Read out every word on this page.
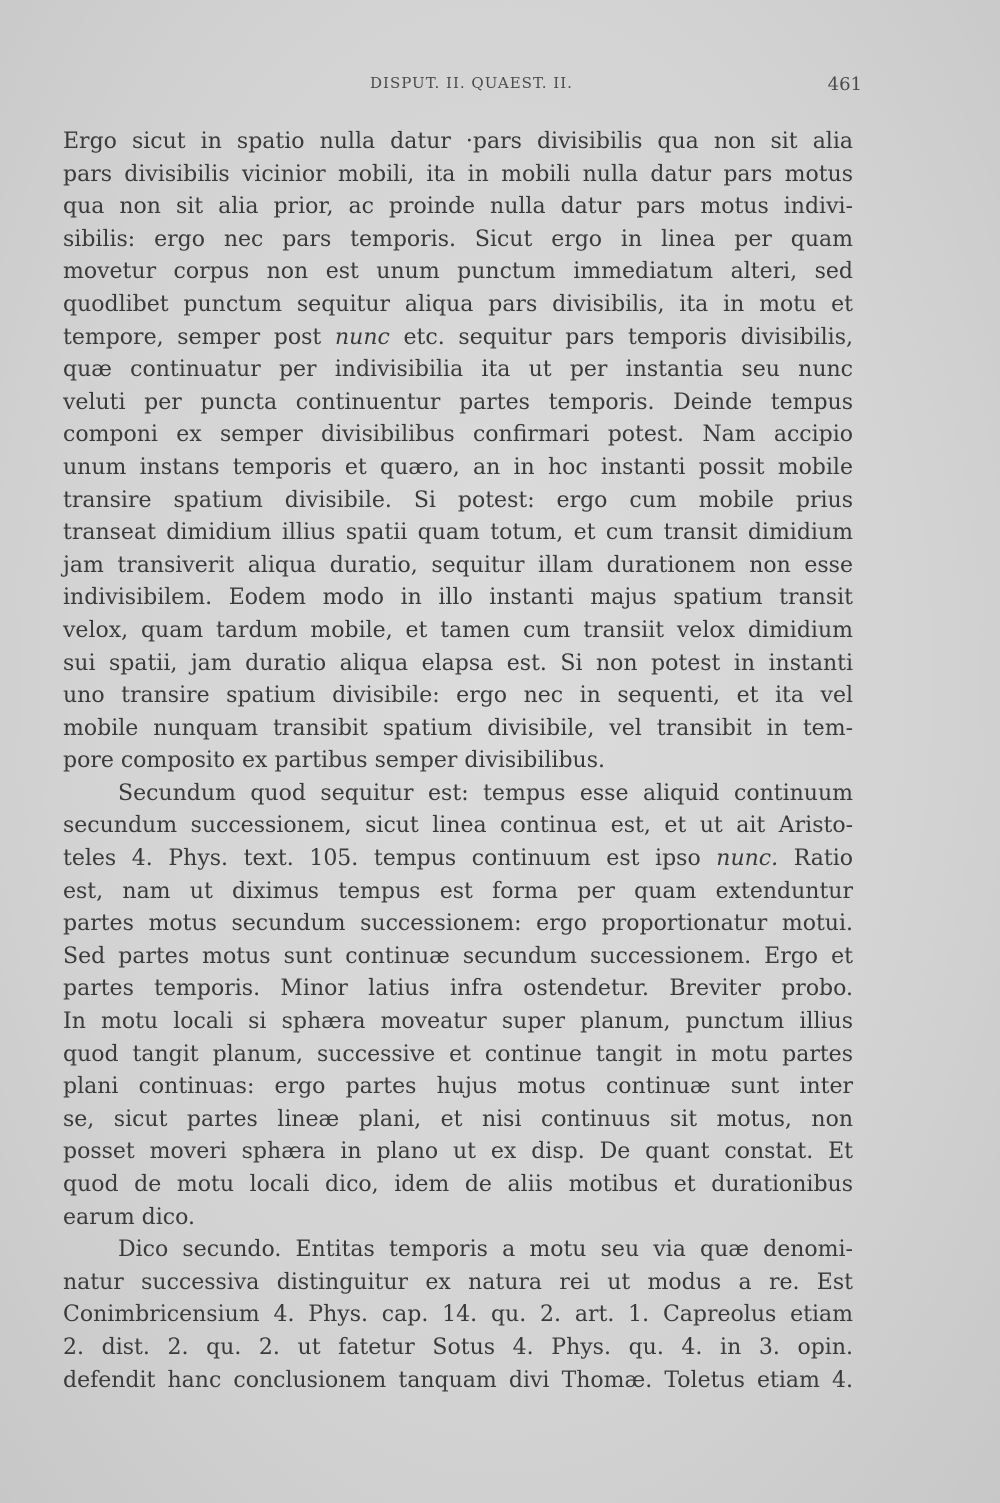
DISPUT. II. QUAEST. II.	461
Ergo sicut in spatio nulla datur ·pars divisibilis qua non sit alia
pars divisibilis vicinior mobili, ita in mobili nulla datur pars motus
qua non sit alia prior, ac proinde nulla datur pars motus indivi-
sibilis: ergo nec pars temporis. Sicut ergo in linea per quam
movetur corpus non est unum punctum immediatum alteri, sed
quodlibet punctum sequitur aliqua pars divisibilis, ita in motu et
tempore, semper post nunc etc. sequitur pars temporis divisibilis,
quæ continuatur per indivisibilia ita ut per instantia seu nunc
veluti per puncta continuentur partes temporis. Deinde tempus
componi ex semper divisibilibus confirmari potest. Nam accipio
unum instans temporis et quæro, an in hoc instanti possit mobile
transire spatium divisibile. Si potest: ergo cum mobile prius
transeat dimidium illius spatii quam totum, et cum transit dimidium
jam transiverit aliqua duratio, sequitur illam durationem non esse
indivisibilem. Eodem modo in illo instanti majus spatium transit
velox, quam tardum mobile, et tamen cum transiit velox dimidium
sui spatii, jam duratio aliqua elapsa est. Si non potest in instanti
uno transire spatium divisibile: ergo nec in sequenti, et ita vel
mobile nunquam transibit spatium divisibile, vel transibit in tem-
pore composito ex partibus semper divisibilibus.
Secundum quod sequitur est: tempus esse aliquid continuum
secundum successionem, sicut linea continua est, et ut ait Aristo-
teles 4. Phys. text. 105. tempus continuum est ipso nunc. Ratio
est, nam ut diximus tempus est forma per quam extenduntur
partes motus secundum successionem: ergo proportionatur motui.
Sed partes motus sunt continuæ secundum successionem. Ergo et
partes temporis. Minor latius infra ostendetur. Breviter probo.
In motu locali si sphæra moveatur super planum, punctum illius
quod tangit planum, successive et continue tangit in motu partes
plani continuas: ergo partes hujus motus continuæ sunt inter
se, sicut partes lineæ plani, et nisi continuus sit motus, non
posset moveri sphæra in plano ut ex disp. De quant constat. Et
quod de motu locali dico, idem de aliis motibus et durationibus
earum dico.
Dico secundo. Entitas temporis a motu seu via quæ denomi-
natur successiva distinguitur ex natura rei ut modus a re. Est
Conimbricensium 4. Phys. cap. 14. qu. 2. art. 1. Capreolus etiam
2. dist. 2. qu. 2. ut fatetur Sotus 4. Phys. qu. 4. in 3. opin.
defendit hanc conclusionem tanquam divi Thomæ. Toletus etiam 4.
